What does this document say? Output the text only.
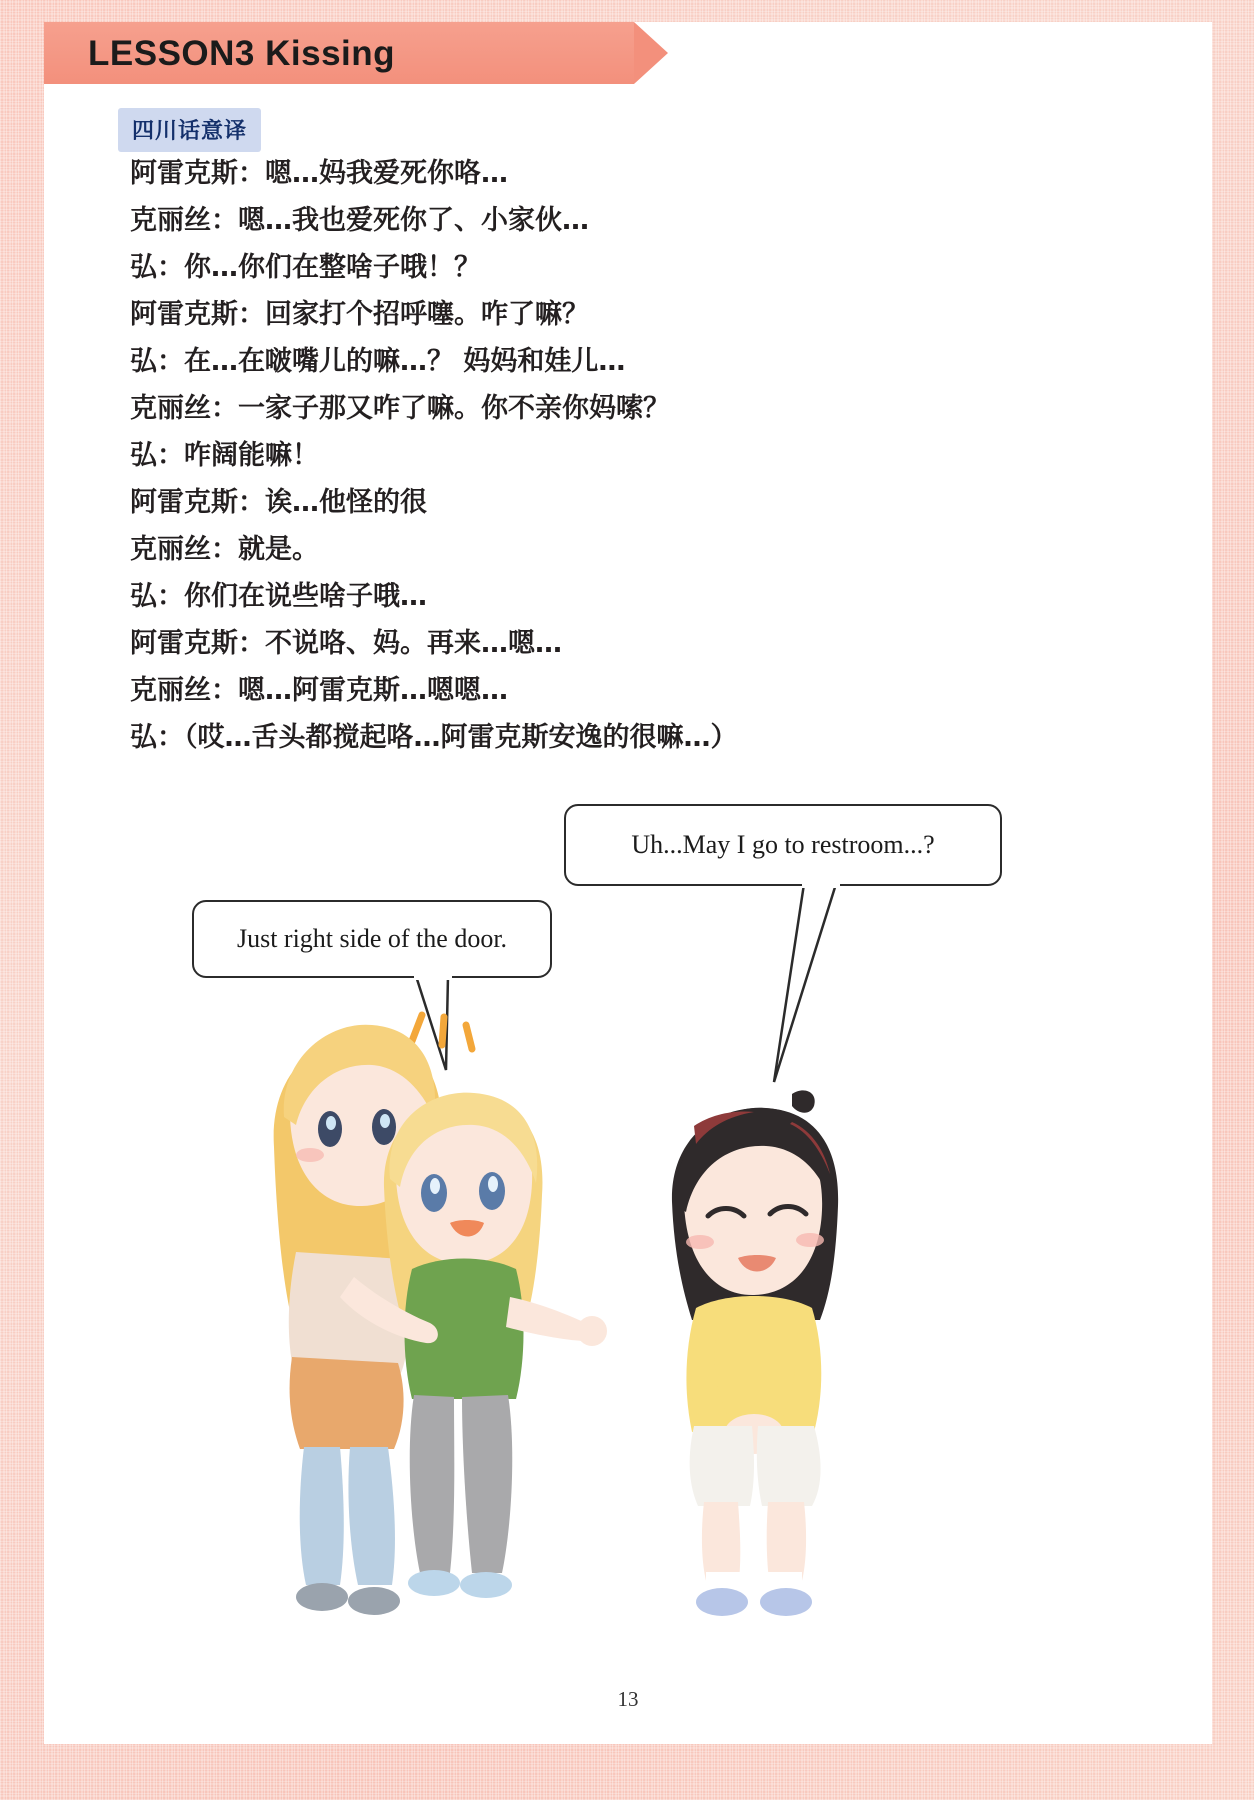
LESSON3 Kissing
四川话意译
阿雷克斯：嗯…妈我爱死你咯…
克丽丝：嗯…我也爱死你了、小家伙…
弘：你…你们在整啥子哦！？
阿雷克斯：回家打个招呼噻。咋了嘛？
弘：在…在啵嘴儿的嘛…？ 妈妈和娃儿…
克丽丝：一家子那又咋了嘛。你不亲你妈嗦？
弘：咋阔能嘛！
阿雷克斯：诶…他怪的很
克丽丝：就是。
弘：你们在说些啥子哦…
阿雷克斯：不说咯、妈。再来…嗯…
克丽丝：嗯…阿雷克斯…嗯嗯…
弘：（哎…舌头都搅起咯…阿雷克斯安逸的很嘛…）
Uh...May I go to restroom...?
Just right side of the door.
13
